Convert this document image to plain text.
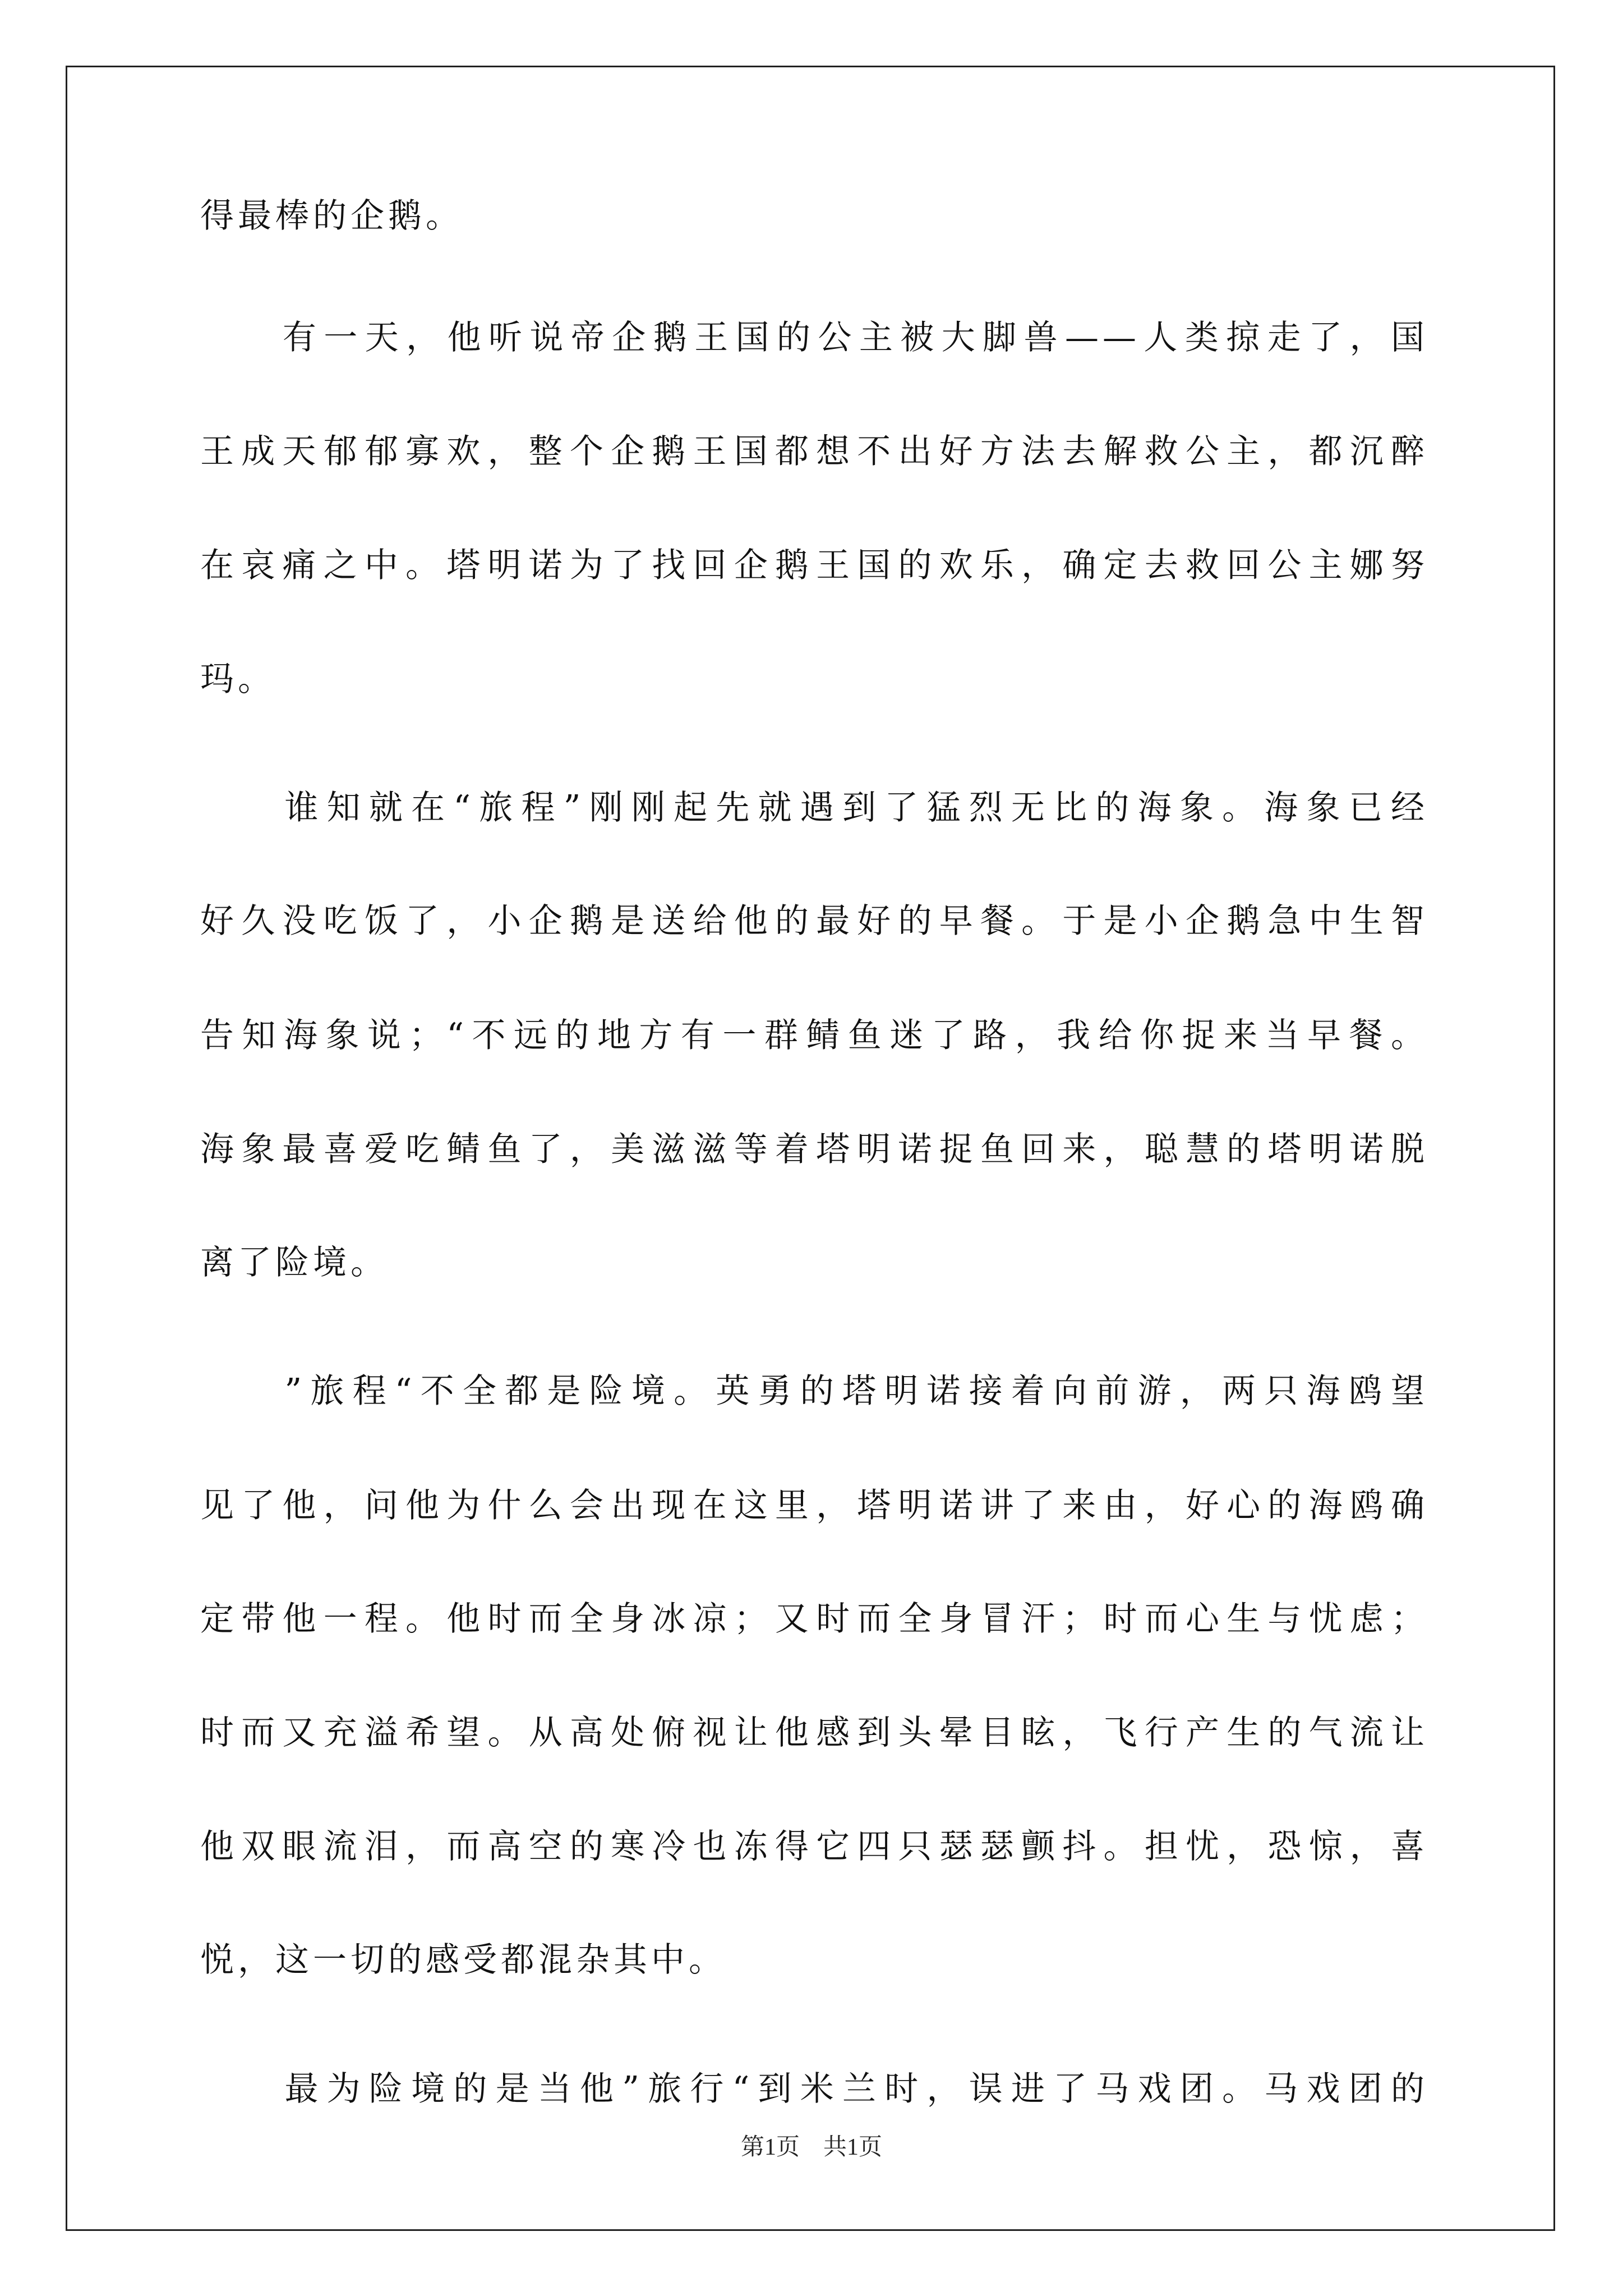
得最棒的企鹅。
　　有一天，他听说帝企鹅王国的公主被大脚兽——人类掠走了，国
王成天郁郁寡欢，整个企鹅王国都想不出好方法去解救公主，都沉醉
在哀痛之中。塔明诺为了找回企鹅王国的欢乐，确定去救回公主娜努
玛。
　　谁知就在“旅程”刚刚起先就遇到了猛烈无比的海象。海象已经
好久没吃饭了，小企鹅是送给他的最好的早餐。于是小企鹅急中生智
告知海象说；“不远的地方有一群鲭鱼迷了路，我给你捉来当早餐。
海象最喜爱吃鲭鱼了，美滋滋等着塔明诺捉鱼回来，聪慧的塔明诺脱
离了险境。
　　”旅程“不全都是险境。英勇的塔明诺接着向前游，两只海鸥望
见了他，问他为什么会出现在这里，塔明诺讲了来由，好心的海鸥确
定带他一程。他时而全身冰凉；又时而全身冒汗；时而心生与忧虑；
时而又充溢希望。从高处俯视让他感到头晕目眩，飞行产生的气流让
他双眼流泪，而高空的寒冷也冻得它四只瑟瑟颤抖。担忧，恐惊，喜
悦，这一切的感受都混杂其中。
　　最为险境的是当他”旅行“到米兰时，误进了马戏团。马戏团的
第1页　共1页
